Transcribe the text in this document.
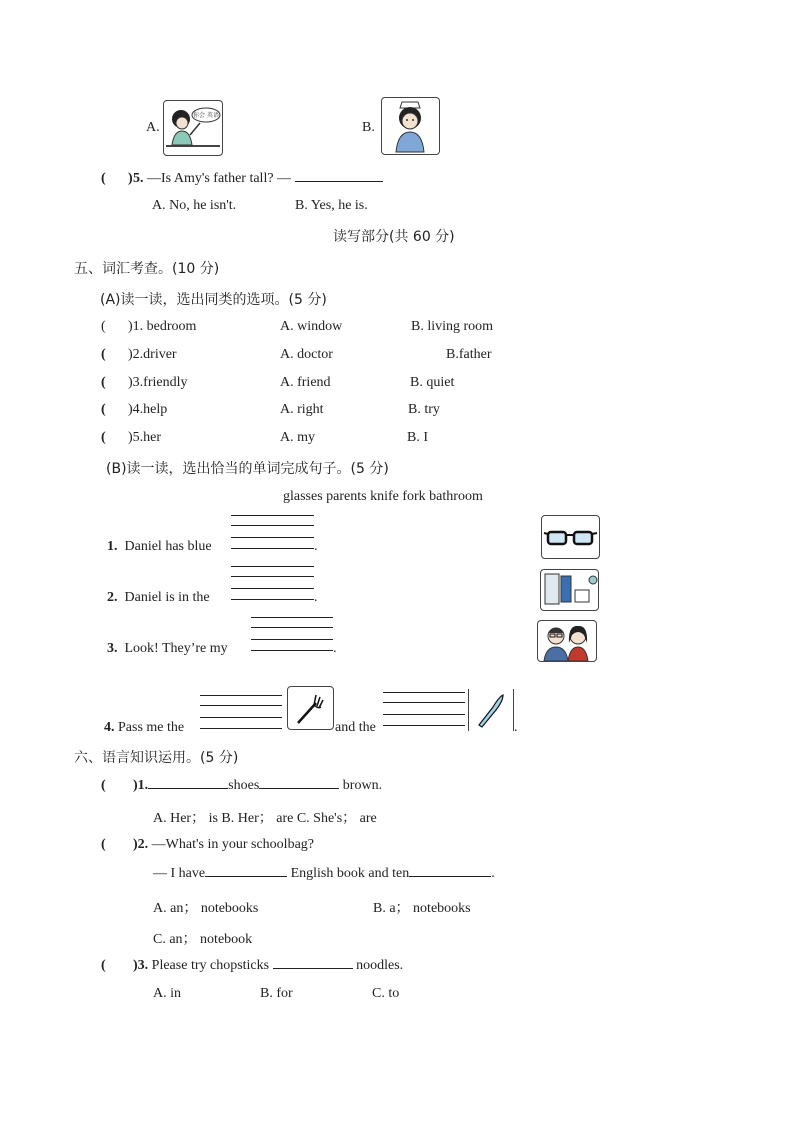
A.
你会 英语
B.
( ) 5. —Is Amy's father tall? —
A. No, he isn't.	B. Yes, he is.
读写部分(共 60 分)
五、词汇考查。(10 分)
(A)读一读，选出同类的选项。(5 分)
( )1. bedroom	A. window	B. living room
( )2.driver	A. doctor	B.father
( )3.friendly	A. friend	B. quiet
( )4.help	A. right	B. try
( )5.her	A. my	B. I
(B)读一读，选出恰当的单词完成句子。(5 分)
glasses parents knife fork bathroom
1. Daniel has blue	.
2. Daniel is in the	.
3. Look! They’re my	.
4. Pass me the	and the	.
六、语言知识运用。(5 分)
( )1.	shoes	brown.
A. Her； is B. Her； are C. She's； are
( )2. —What's in your schoolbag?
— I have	English book and ten	.
A. an； notebooks	B. a； notebooks
C. an； notebook
( )3. Please try chopsticks	noodles.
A. in	B. for	C. to
